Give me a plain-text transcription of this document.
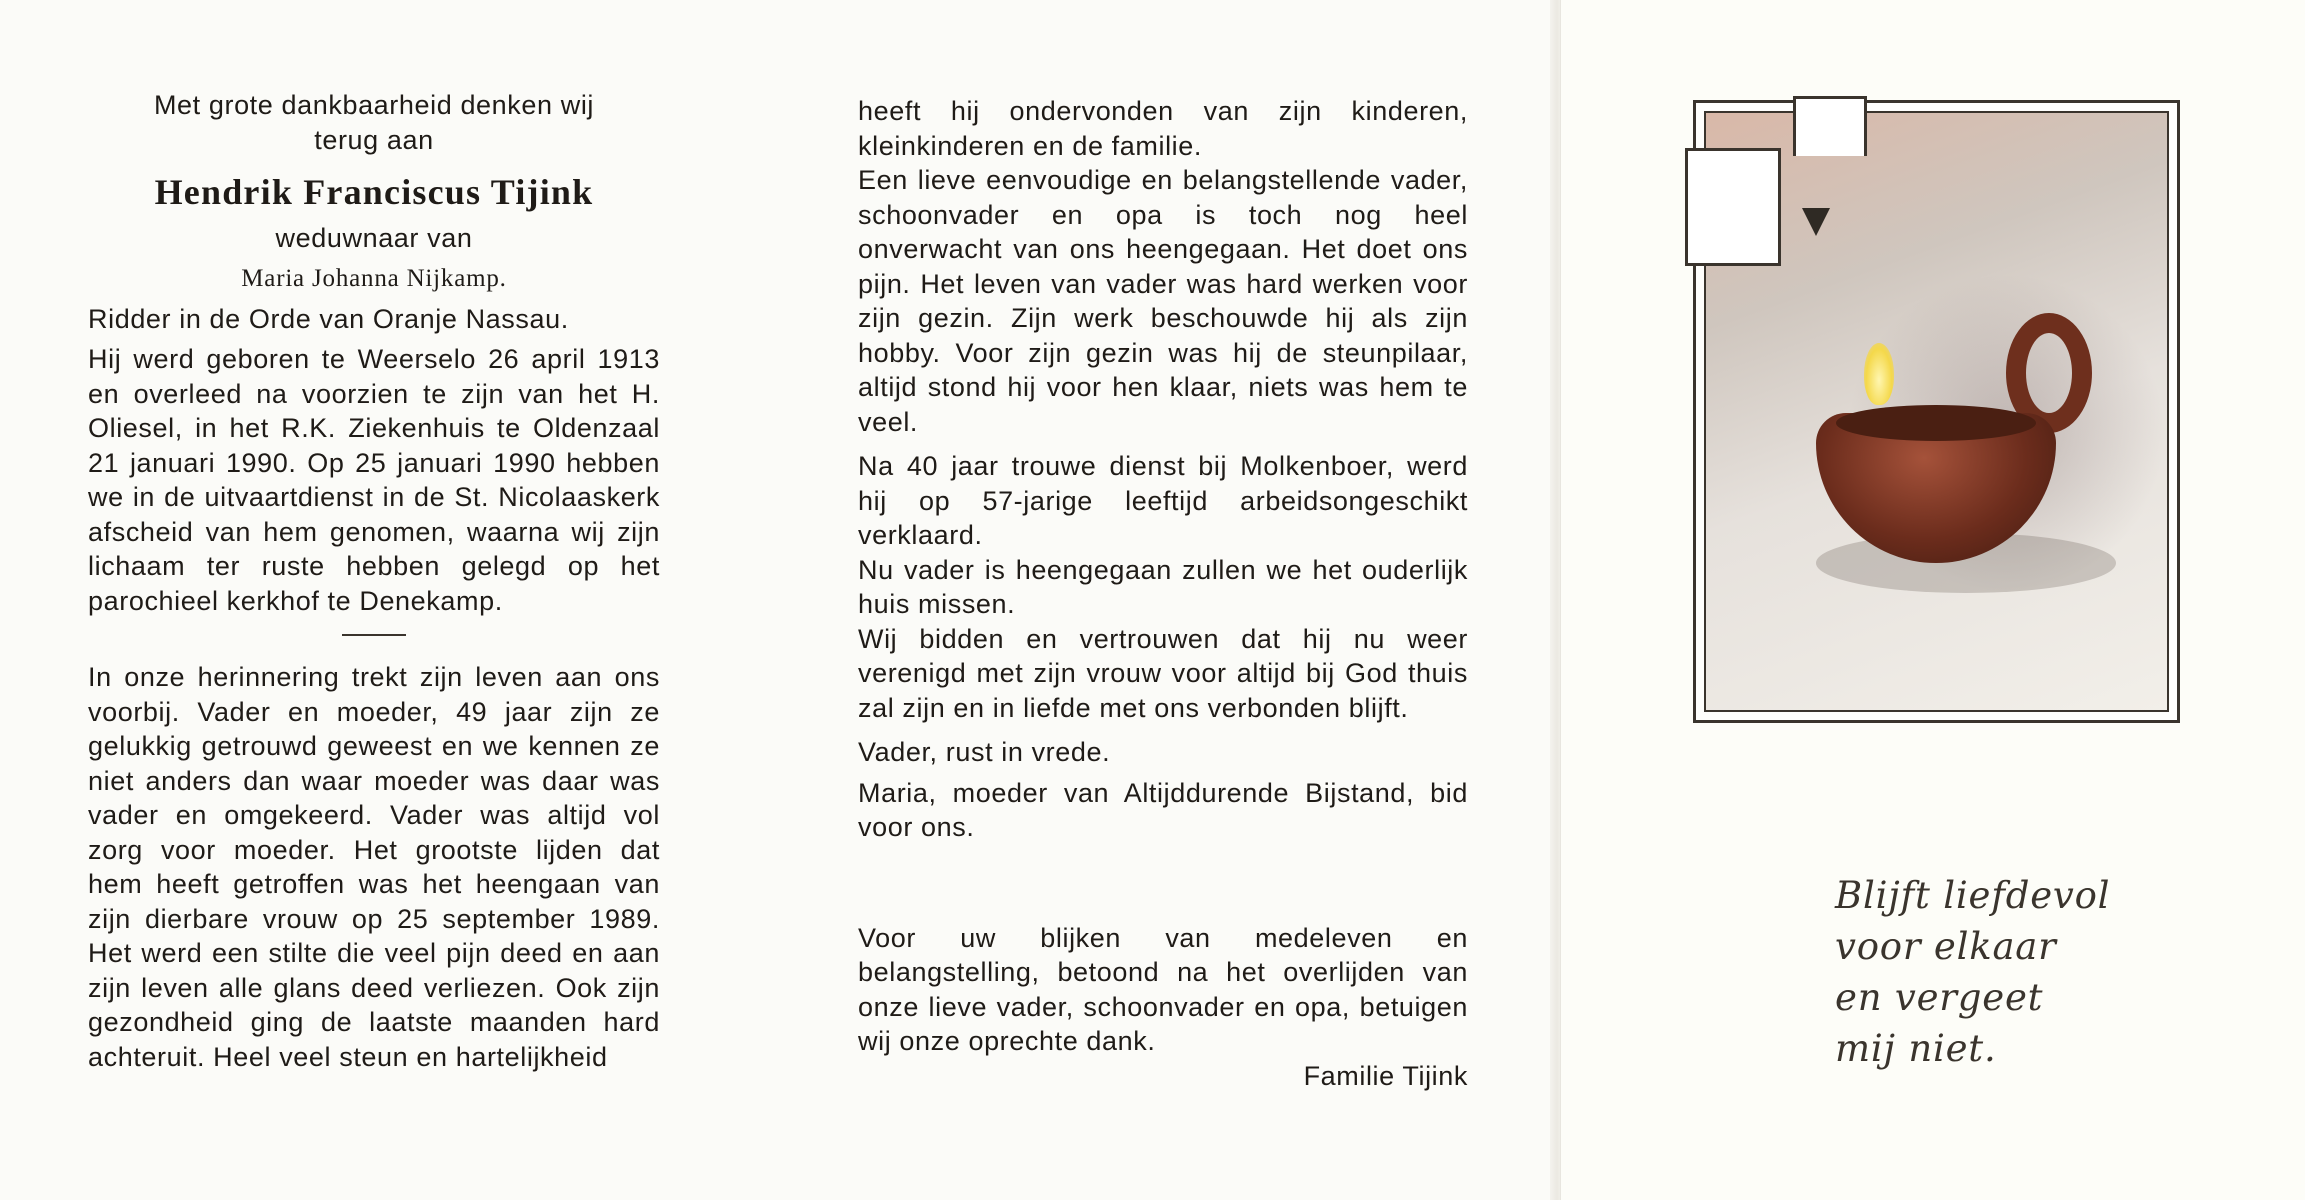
Met grote dankbaarheid denken wij
terug aan

Hendrik Franciscus Tijink

weduwnaar van

Maria Johanna Nijkamp.

Ridder in de Orde van Oranje Nassau.

Hij werd geboren te Weerselo 26 april 1913 en overleed na voorzien te zijn van het H. Oliesel, in het R.K. Ziekenhuis te Oldenzaal 21 januari 1990. Op 25 januari 1990 hebben we in de uitvaartdienst in de St. Nicolaaskerk afscheid van hem genomen, waarna wij zijn lichaam ter ruste hebben gelegd op het parochieel kerkhof te Denekamp.

In onze herinnering trekt zijn leven aan ons voorbij. Vader en moeder, 49 jaar zijn ze gelukkig getrouwd geweest en we kennen ze niet anders dan waar moeder was daar was vader en omgekeerd. Vader was altijd vol zorg voor moeder. Het grootste lijden dat hem heeft getroffen was het heengaan van zijn dierbare vrouw op 25 september 1989. Het werd een stilte die veel pijn deed en aan zijn leven alle glans deed verliezen. Ook zijn gezondheid ging de laatste maanden hard achteruit. Heel veel steun en hartelijkheid

heeft hij ondervonden van zijn kinderen, kleinkinderen en de familie.

Een lieve eenvoudige en belangstellende vader, schoonvader en opa is toch nog heel onverwacht van ons heengegaan. Het doet ons pijn. Het leven van vader was hard werken voor zijn gezin. Zijn werk beschouwde hij als zijn hobby. Voor zijn gezin was hij de steunpilaar, altijd stond hij voor hen klaar, niets was hem te veel.

Na 40 jaar trouwe dienst bij Molkenboer, werd hij op 57-jarige leeftijd arbeidsongeschikt verklaard.

Nu vader is heengegaan zullen we het ouderlijk huis missen.

Wij bidden en vertrouwen dat hij nu weer verenigd met zijn vrouw voor altijd bij God thuis zal zijn en in liefde met ons verbonden blijft.

Vader, rust in vrede.

Maria, moeder van Altijddurende Bijstand, bid voor ons.

Voor uw blijken van medeleven en belangstelling, betoond na het overlijden van onze lieve vader, schoonvader en opa, betuigen wij onze oprechte dank.

Familie Tijink

Blijft liefdevol

voor elkaar

en vergeet

mij niet.
